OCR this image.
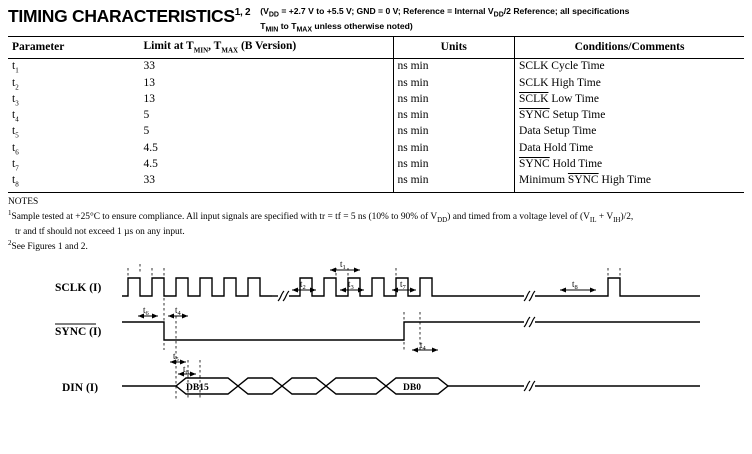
TIMING CHARACTERISTICS$^{1, 2}$ ($V_{DD} = +2.7$ V to +5.5 V; GND = 0 V; Reference = Internal $V_{DD}/2$ Reference; all specifications
$T_{MIN}$ to $T_{MAX}$ unless otherwise noted)
Parameter	Limit at $T_{MIN}$, $T_{MAX}$ (B Version)	Units	Conditions/Comments
$t_1$	33	ns min	SCLK Cycle Time
$t_2$	13	ns min	SCLK High Time
$t_3$	13	ns min	SCLK Low Time
$t_4$	5	ns min	SYNC Setup Time
$t_5$	5	ns min	Data Setup Time
$t_6$	4.5	ns min	Data Hold Time
$t_7$	4.5	ns min	SYNC Hold Time
$t_8$	33	ns min	Minimum SYNC High Time
NOTES
$^1$Sample tested at +25°C to ensure compliance. All input signals are specified with tr = tf = 5 ns (10% to 90% of $V_{DD}$) and timed from a voltage level of $(V_{IL} + V_{IH})/2$,
tr and tf should not exceed 1 µs on any input.
$^2$See Figures 1 and 2.
SCLK (I)
SYNC (I)
DIN (I)	DB15	DB0
$t_1$
$t_2$	$t_3$	$t_7$	$t_8$
$t_6$	$t_4$
$t_4$
$t_5$
$t_6$
